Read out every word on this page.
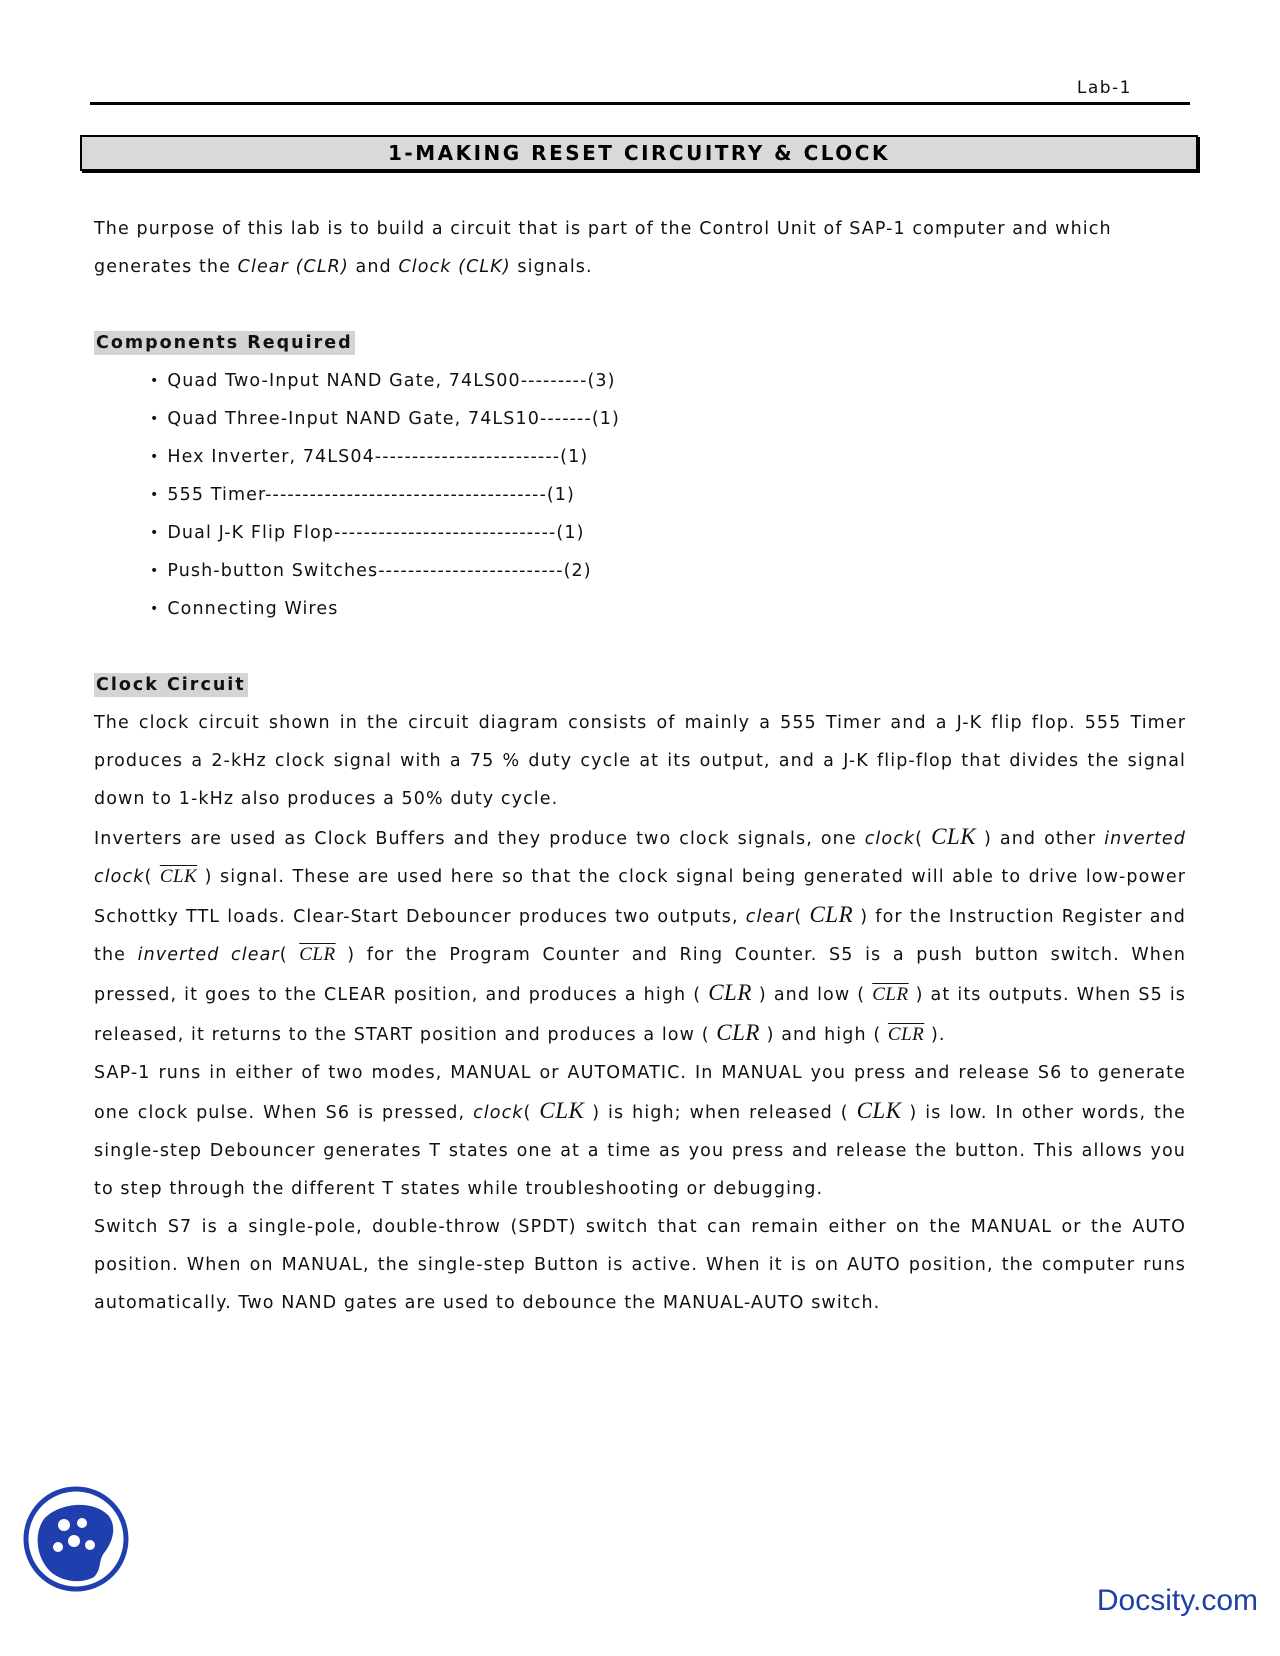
Lab-1
1-MAKING RESET CIRCUITRY & CLOCK

The purpose of this lab is to build a circuit that is part of the Control Unit of SAP-1 computer and which
generates the Clear (CLR) and Clock (CLK) signals.

Components Required
• Quad Two-Input NAND Gate, 74LS00---------(3)
• Quad Three-Input NAND Gate, 74LS10-------(1)
• Hex Inverter, 74LS04-------------------------(1)
• 555 Timer--------------------------------------(1)
• Dual J-K Flip Flop------------------------------(1)
• Push-button Switches-------------------------(2)
• Connecting Wires
Clock Circuit

The clock circuit shown in the circuit diagram consists of mainly a 555 Timer and a J-K flip flop. 555 Timer produces a 2-kHz clock signal with a 75 % duty cycle at its output, and a J-K flip-flop that divides the signal down to 1-kHz also produces a 50% duty cycle.

Inverters are used as Clock Buffers and they produce two clock signals, one clock( CLK ) and other inverted clock( $\overline{CLK}$ ) signal. These are used here so that the clock signal being generated will able to drive low-power Schottky TTL loads. Clear-Start Debouncer produces two outputs, clear( CLR ) for the Instruction Register and the inverted clear( $\overline{CLR}$ ) for the Program Counter and Ring Counter. S5 is a push button switch. When pressed, it goes to the CLEAR position, and produces a high ( CLR ) and low ( $\overline{CLR}$ ) at its outputs. When S5 is released, it returns to the START position and produces a low ( CLR ) and high ( $\overline{CLR}$ ).

SAP-1 runs in either of two modes, MANUAL or AUTOMATIC. In MANUAL you press and release S6 to generate one clock pulse. When S6 is pressed, clock( CLK ) is high; when released ( CLK ) is low. In other words, the single-step Debouncer generates T states one at a time as you press and release the button. This allows you to step through the different T states while troubleshooting or debugging.

Switch S7 is a single-pole, double-throw (SPDT) switch that can remain either on the MANUAL or the AUTO position. When on MANUAL, the single-step Button is active. When it is on AUTO position, the computer runs automatically. Two NAND gates are used to debounce the MANUAL-AUTO switch.

Docsity.com
